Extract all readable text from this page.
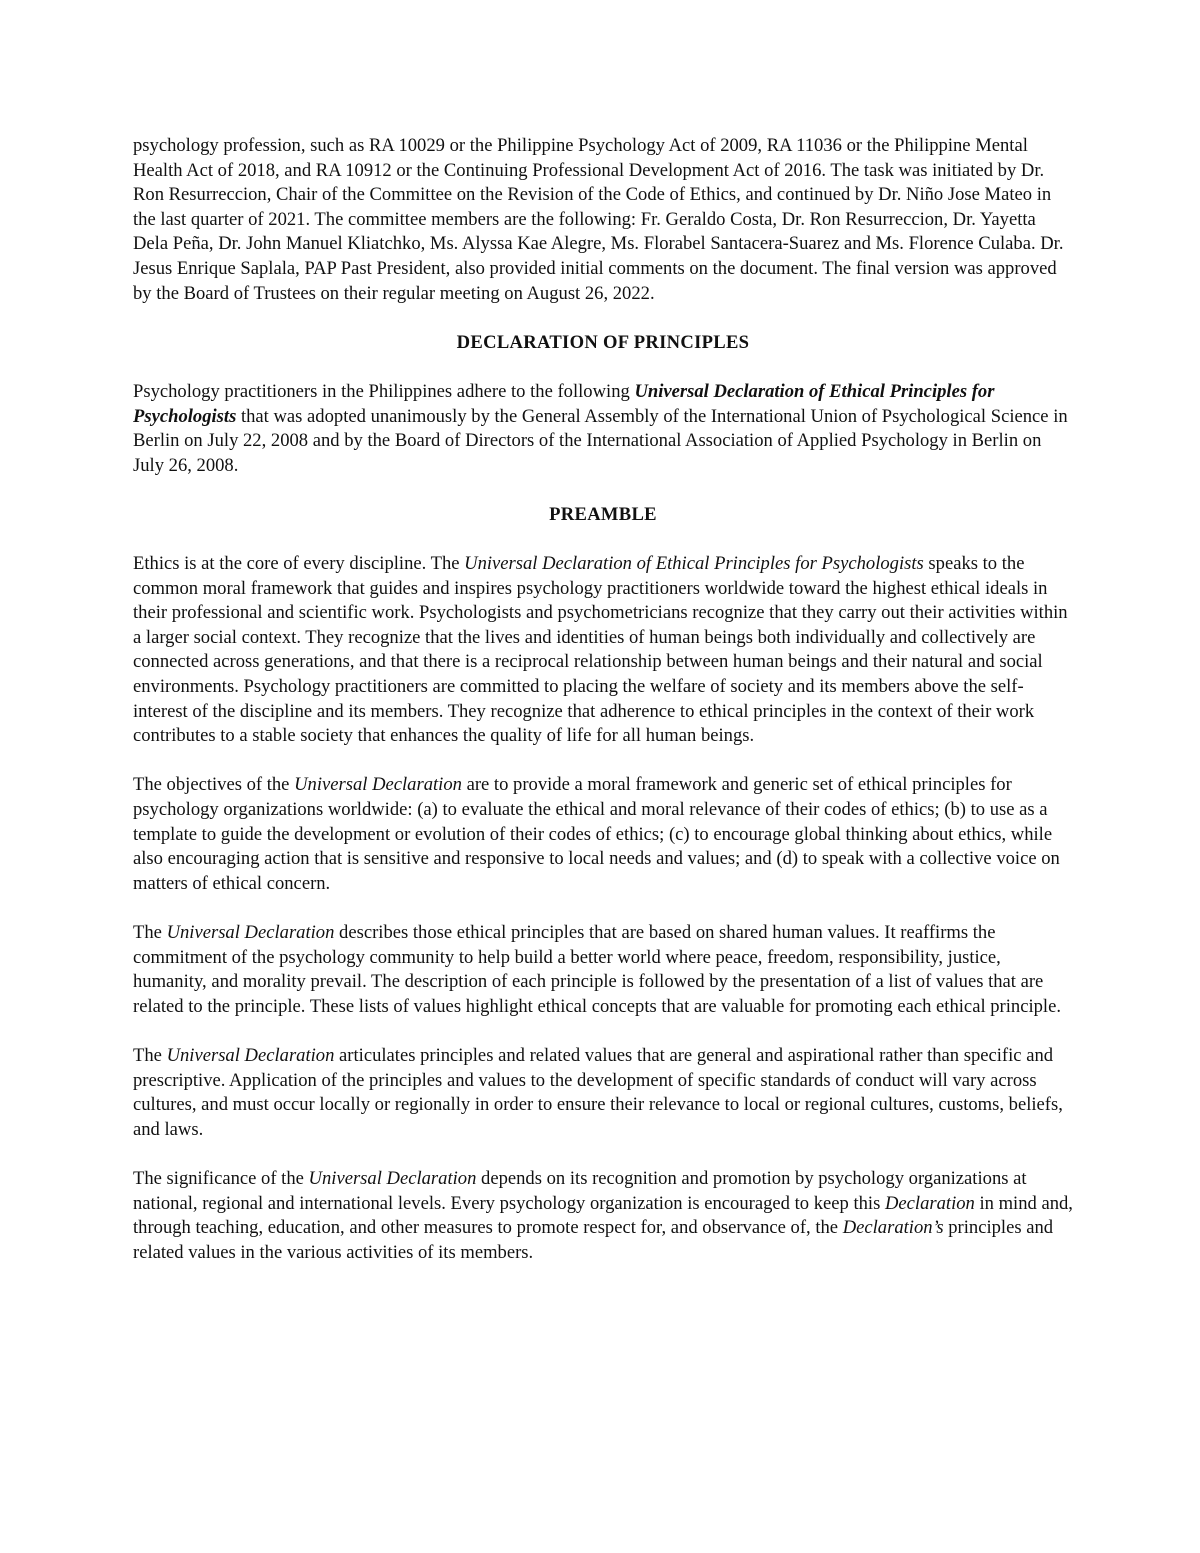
psychology profession, such as RA 10029 or the Philippine Psychology Act of 2009, RA 11036 or the Philippine Mental Health Act of 2018, and RA 10912 or the Continuing Professional Development Act of 2016. The task was initiated by Dr. Ron Resurreccion, Chair of the Committee on the Revision of the Code of Ethics, and continued by Dr. Niño Jose Mateo in the last quarter of 2021. The committee members are the following: Fr. Geraldo Costa, Dr. Ron Resurreccion, Dr. Yayetta Dela Peña, Dr. John Manuel Kliatchko, Ms. Alyssa Kae Alegre, Ms. Florabel Santacera-Suarez and Ms. Florence Culaba. Dr. Jesus Enrique Saplala, PAP Past President, also provided initial comments on the document. The final version was approved by the Board of Trustees on their regular meeting on August 26, 2022.

DECLARATION OF PRINCIPLES

Psychology practitioners in the Philippines adhere to the following Universal Declaration of Ethical Principles for Psychologists that was adopted unanimously by the General Assembly of the International Union of Psychological Science in Berlin on July 22, 2008 and by the Board of Directors of the International Association of Applied Psychology in Berlin on July 26, 2008.

PREAMBLE

Ethics is at the core of every discipline. The Universal Declaration of Ethical Principles for Psychologists speaks to the common moral framework that guides and inspires psychology practitioners worldwide toward the highest ethical ideals in their professional and scientific work. Psychologists and psychometricians recognize that they carry out their activities within a larger social context. They recognize that the lives and identities of human beings both individually and collectively are connected across generations, and that there is a reciprocal relationship between human beings and their natural and social environments. Psychology practitioners are committed to placing the welfare of society and its members above the self-interest of the discipline and its members. They recognize that adherence to ethical principles in the context of their work contributes to a stable society that enhances the quality of life for all human beings.

The objectives of the Universal Declaration are to provide a moral framework and generic set of ethical principles for psychology organizations worldwide: (a) to evaluate the ethical and moral relevance of their codes of ethics; (b) to use as a template to guide the development or evolution of their codes of ethics; (c) to encourage global thinking about ethics, while also encouraging action that is sensitive and responsive to local needs and values; and (d) to speak with a collective voice on matters of ethical concern.

The Universal Declaration describes those ethical principles that are based on shared human values. It reaffirms the commitment of the psychology community to help build a better world where peace, freedom, responsibility, justice, humanity, and morality prevail. The description of each principle is followed by the presentation of a list of values that are related to the principle. These lists of values highlight ethical concepts that are valuable for promoting each ethical principle.

The Universal Declaration articulates principles and related values that are general and aspirational rather than specific and prescriptive. Application of the principles and values to the development of specific standards of conduct will vary across cultures, and must occur locally or regionally in order to ensure their relevance to local or regional cultures, customs, beliefs, and laws.

The significance of the Universal Declaration depends on its recognition and promotion by psychology organizations at national, regional and international levels. Every psychology organization is encouraged to keep this Declaration in mind and, through teaching, education, and other measures to promote respect for, and observance of, the Declaration’s principles and related values in the various activities of its members.
